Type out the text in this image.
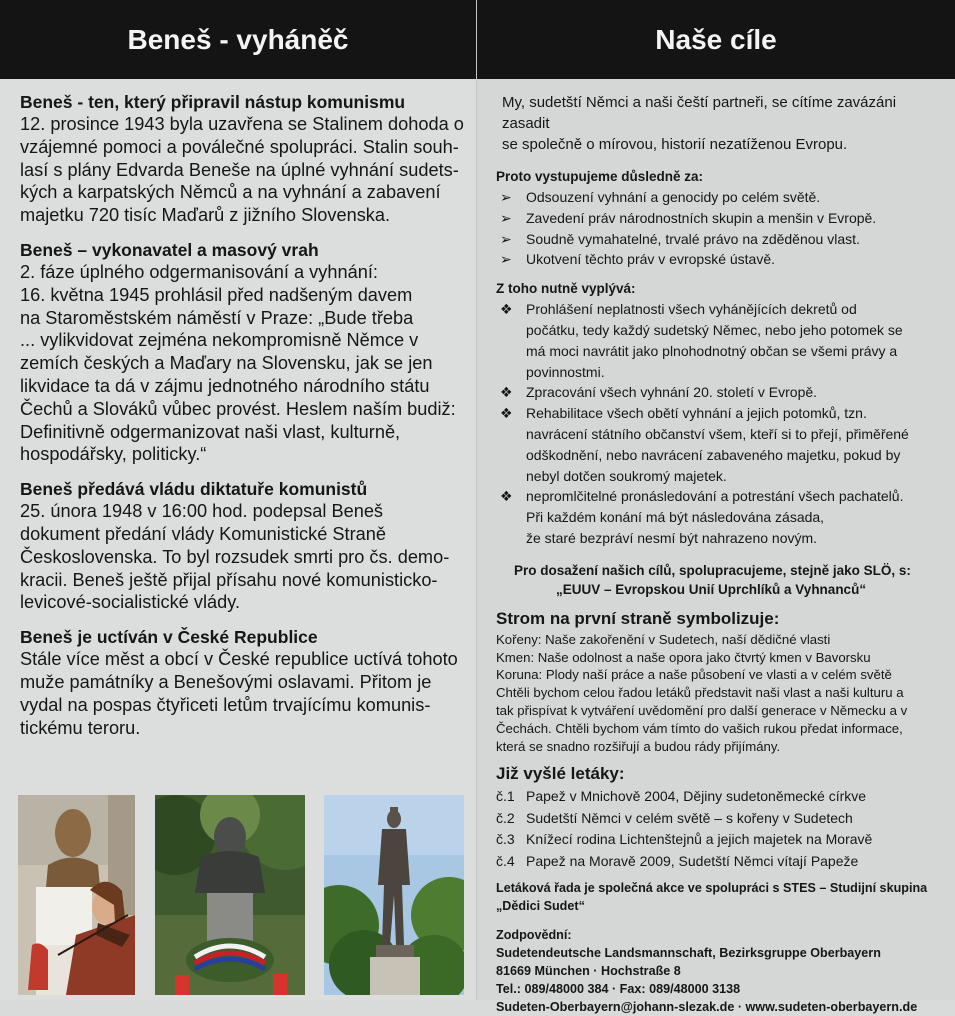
Beneš - vyháněč
Beneš - ten, který připravil nástup komunismu

12. prosince 1943 byla uzavřena se Stalinem dohoda o
vzájemné pomoci a poválečné spolupráci. Stalin souh-
lasí s plány Edvarda Beneše na úplné vyhnání sudets-
kých a karpatských Němců a na vyhnání a zabavení
majetku 720 tisíc Maďarů z jižního Slovenska.

Beneš – vykonavatel a masový vrah

2. fáze úplného odgermanisování a vyhnání:
16. května 1945 prohlásil před nadšeným davem
na Staroměstském náměstí v Praze: „Bude třeba
... vylikvidovat zejména nekompromisně Němce v
zemích českých a Maďary na Slovensku, jak se jen
likvidace ta dá v zájmu jednotného národního státu
Čechů a Slováků vůbec provést. Heslem naším budiž:
Definitivně odgermanizovat naši vlast, kulturně,
hospodářsky, politicky.“

Beneš předává vládu diktatuře komunistů

25. února 1948 v 16:00 hod. podepsal Beneš
dokument předání vlády Komunistické Straně
Československa. To byl rozsudek smrti pro čs. demo-
kracii. Beneš ještě přijal přísahu nové komunisticko-
levicové-socialistické vlády.

Beneš je uctíván v České Republice

Stále více měst a obcí v České republice uctívá tohoto
muže památníky a Benešovými oslavami. Přitom je
vydal na pospas čtyřiceti letům trvajícímu komunis-
tickému teroru.

Naše cíle

My, sudetští Němci a naši čeští partneři, se cítíme zavázáni zasadit
se společně o mírovou, historií nezatíženou Evropu.

Proto vystupujeme důsledně za:

➢ Odsouzení vyhnání a genocidy po celém světě.
➢ Zavedení práv národnostních skupin a menšin v Evropě.
➢ Soudně vymahatelné, trvalé právo na zděděnou vlast.
➢ Ukotvení těchto práv v evropské ústavě.

Z toho nutně vyplývá:

❖ Prohlášení neplatnosti všech vyhánějících dekretů od
počátku, tedy každý sudetský Němec, nebo jeho potomek se
má moci navrátit jako plnohodnotný občan se všemi právy a
povinnostmi.
❖ Zpracování všech vyhnání 20. století v Evropě.
❖ Rehabilitace všech obětí vyhnání a jejich potomků, tzn.
navrácení státního občanství všem, kteří si to přejí, přiměřené
odškodnění, nebo navrácení zabaveného majetku, pokud by
nebyl dotčen soukromý majetek.
❖ nepromlčitelné pronásledování a potrestání všech pachatelů.
Při každém konání má být následována zásada,
že staré bezpráví nesmí být nahrazeno novým.
Pro dosažení našich cílů, spolupracujeme, stejně jako SLÖ, s:
„EUUV – Evropskou Unií Uprchlíků a Vyhnanců“
Strom na první straně symbolizuje:

Kořeny: Naše zakořenění v Sudetech, naší dědičné vlasti
Kmen: Naše odolnost a naše opora jako čtvrtý kmen v Bavorsku
Koruna: Plody naší práce a naše působení ve vlasti a v celém světě
Chtěli bychom celou řadou letáků představit naši vlast a naši kulturu a
tak přispívat k vytváření uvědomění pro další generace v Německu a v
Čechách. Chtěli bychom vám tímto do vašich rukou předat informace,
která se snadno rozšiřují a budou rády přijímány.

Již vyšlé letáky:
č.1 Papež v Mnichově 2004, Dějiny sudetoněmecké církve
č.2 Sudetští Němci v celém světě – s kořeny v Sudetech
č.3 Knížecí rodina Lichtenštejnů a jejich majetek na Moravě
č.4 Papež na Moravě 2009, Sudetští Němci vítají Papeže

Letáková řada je společná akce ve spolupráci s STES – Studijní skupina
„Dědici Sudet“

Zodpovědní:
Sudetendeutsche Landsmannschaft, Bezirksgruppe Oberbayern
81669 München · Hochstraße 8
Tel.: 089/48000 384 · Fax: 089/48000 3138
Sudeten-Oberbayern@johann-slezak.de · www.sudeten-oberbayern.de
